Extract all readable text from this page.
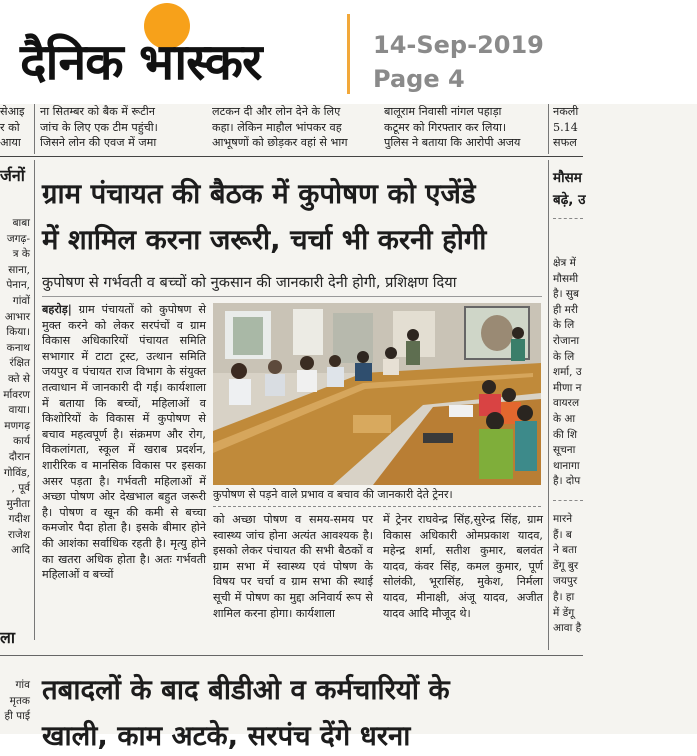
दैनिक भास्कर	14-Sep-2019
Page 4
सेआइ
र को
आया
ना सितम्बर को बैक में रूटीन
जांच के लिए एक टीम पहुंची।
जिसने लोन की एवज में जमा
लटकन दी और लोन देने के लिए
कहा। लेकिन माहौल भांपकर वह
आभूषणों को छोड़कर वहां से भाग
बालूराम निवासी नांगल पहाड़ा
कटूमर को गिरफ्तार कर लिया।
पुलिस ने बताया कि आरोपी अजय
नकली
5.14
सफल
र्जनों
बाबा
जगढ़-
त्र के
साना,
पेनान,
गांवों
आभार
किया।
कनाथ
रंक्षित
क्ते से
र्मावरण
वाया।
मणगढ़
कार्य
दौरान
गोविंड,
, पूर्व
मुनीता
गदीश
राजेश
आदि
ला
गांव
मृतक
ही पाई
ग्राम पंचायत की बैठक में कुपोषण को एजेंडे
में शामिल करना जरूरी, चर्चा भी करनी होगी
कुपोषण से गर्भवती व बच्चों को नुकसान की जानकारी देनी होगी, प्रशिक्षण दिया
बहरोड़| ग्राम पंचायतों को कुपोषण से मुक्त करने को लेकर सरपंचों व ग्राम विकास अधिकारियों पंचायत समिति सभागार में टाटा ट्रस्ट, उत्थान समिति जयपुर व पंचायत राज विभाग के संयुक्त तत्वाधान में जानकारी दी गई। कार्यशाला में बताया कि बच्चों, महिलाओं व किशोरियों के विकास में कुपोषण से बचाव महत्वपूर्ण है। संक्रमण और रोग, विकलांगता, स्कूल में खराब प्रदर्शन, शारीरिक व मानसिक विकास पर इसका असर पड़ता है। गर्भवती महिलाओं में अच्छा पोषण ओर देखभाल बहुत जरूरी है। पोषण व खून की कमी से बच्चा कमजोर पैदा होता है। इसके बीमार होने की आशंका सर्वाधिक रहती है। मृत्यु होने का खतरा अधिक होता है। अतः गर्भवती महिलाओं व बच्चों
कुपोषण से पड़ने वाले प्रभाव व बचाव की जानकारी देते ट्रेनर।
को अच्छा पोषण व समय-समय पर स्वास्थ्य जांच होना अत्यंत आवश्यक है। इसको लेकर पंचायत की सभी बैठकों व ग्राम सभा में स्वास्थ्य एवं पोषण के विषय पर चर्चा व ग्राम सभा की स्थाई सूची में पोषण का मुद्दा अनिवार्य रूप से शामिल करना होगा। कार्यशाला
में ट्रेनर राघवेन्द्र सिंह,सुरेन्द्र सिंह, ग्राम विकास अधिकारी ओमप्रकाश यादव, महेन्द्र शर्मा, सतीश कुमार, बलवंत यादव, कंवर सिंह, कमल कुमार, पूर्ण सोलंकी, भूरासिंह, मुकेश, निर्मला यादव, मीनाक्षी, अंजू यादव, अजीत यादव आदि मौजूद थे।
मौसम
बढ़े, उ
क्षेत्र में
मौसमी
है। सुब
ही मरी
के लि
रोजाना
के लि
शर्मा, उ
मीणा न
वायरल
के आ
की शि
सूचना
थानागा
है। दोप
मारने
हैं। ब
ने बता
डेंगू बुर
जयपुर
है। हा
में डेंगू
आवा है
तबादलों के बाद बीडीओ व कर्मचारियों के
खाली, काम अटके, सरपंच देंगे धरना
